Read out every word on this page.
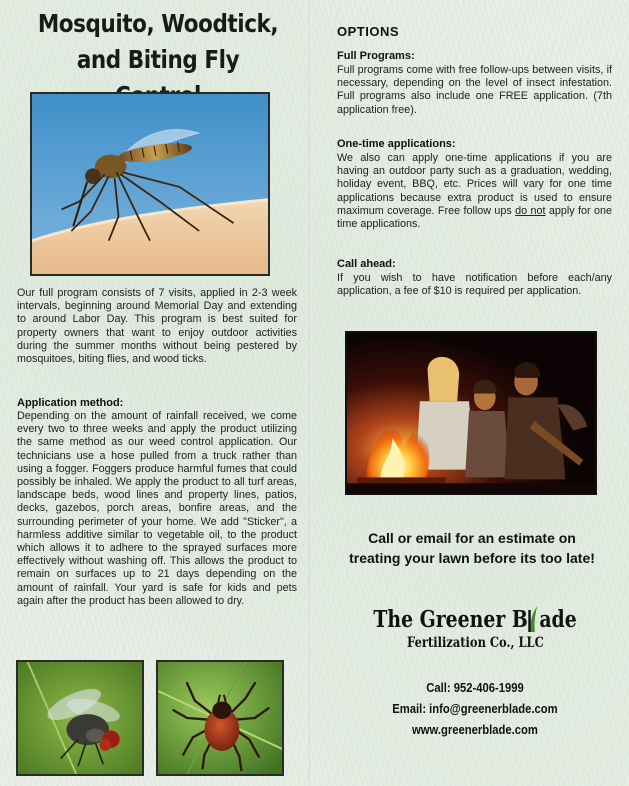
Mosquito, Woodtick,
and Biting Fly

Our full program consists of 7 visits, applied in 2-3 week intervals, beginning around Memorial Day and extending to around Labor Day. This program is best suited for property owners that want to enjoy outdoor activities during the summer months without being pestered by mosquitoes, biting flies, and wood ticks.

Application method:

Depending on the amount of rainfall received, we come every two to three weeks and apply the product utilizing the same method as our weed control application. Our technicians use a hose pulled from a truck rather than using a fogger. Foggers produce harmful fumes that could possibly be inhaled. We apply the product to all turf areas, landscape beds, wood lines and property lines, patios, decks, gazebos, porch areas, bonfire areas, and the surrounding perimeter of your home. We add "Sticker", a harmless additive similar to vegetable oil, to the product which allows it to adhere to the sprayed surfaces more effectively without washing off. This allows the product to remain on surfaces up to 21 days depending on the amount of rainfall. Your yard is safe for kids and pets again after the product has been allowed to dry.

OPTIONS

Full Programs:

Full programs come with free follow-ups between visits, if necessary, depending on the level of insect infestation. Full programs also include one FREE application. (7th application free).

One-time applications:

We also can apply one-time applications if you are having an outdoor party such as a graduation, wedding, holiday event, BBQ, etc. Prices will vary for one time applications because extra product is used to ensure maximum coverage. Free follow ups do not apply for one time applications.

Call ahead:

If you wish to have notification before each/any application, a fee of $10 is required per application.

Call or email for an estimate on
treating your lawn before its too late!
The Greener B ade
Fertilization Co., LLC
Call: 952-406-1999
Email: info@greenerblade.com
www.greenerblade.com
